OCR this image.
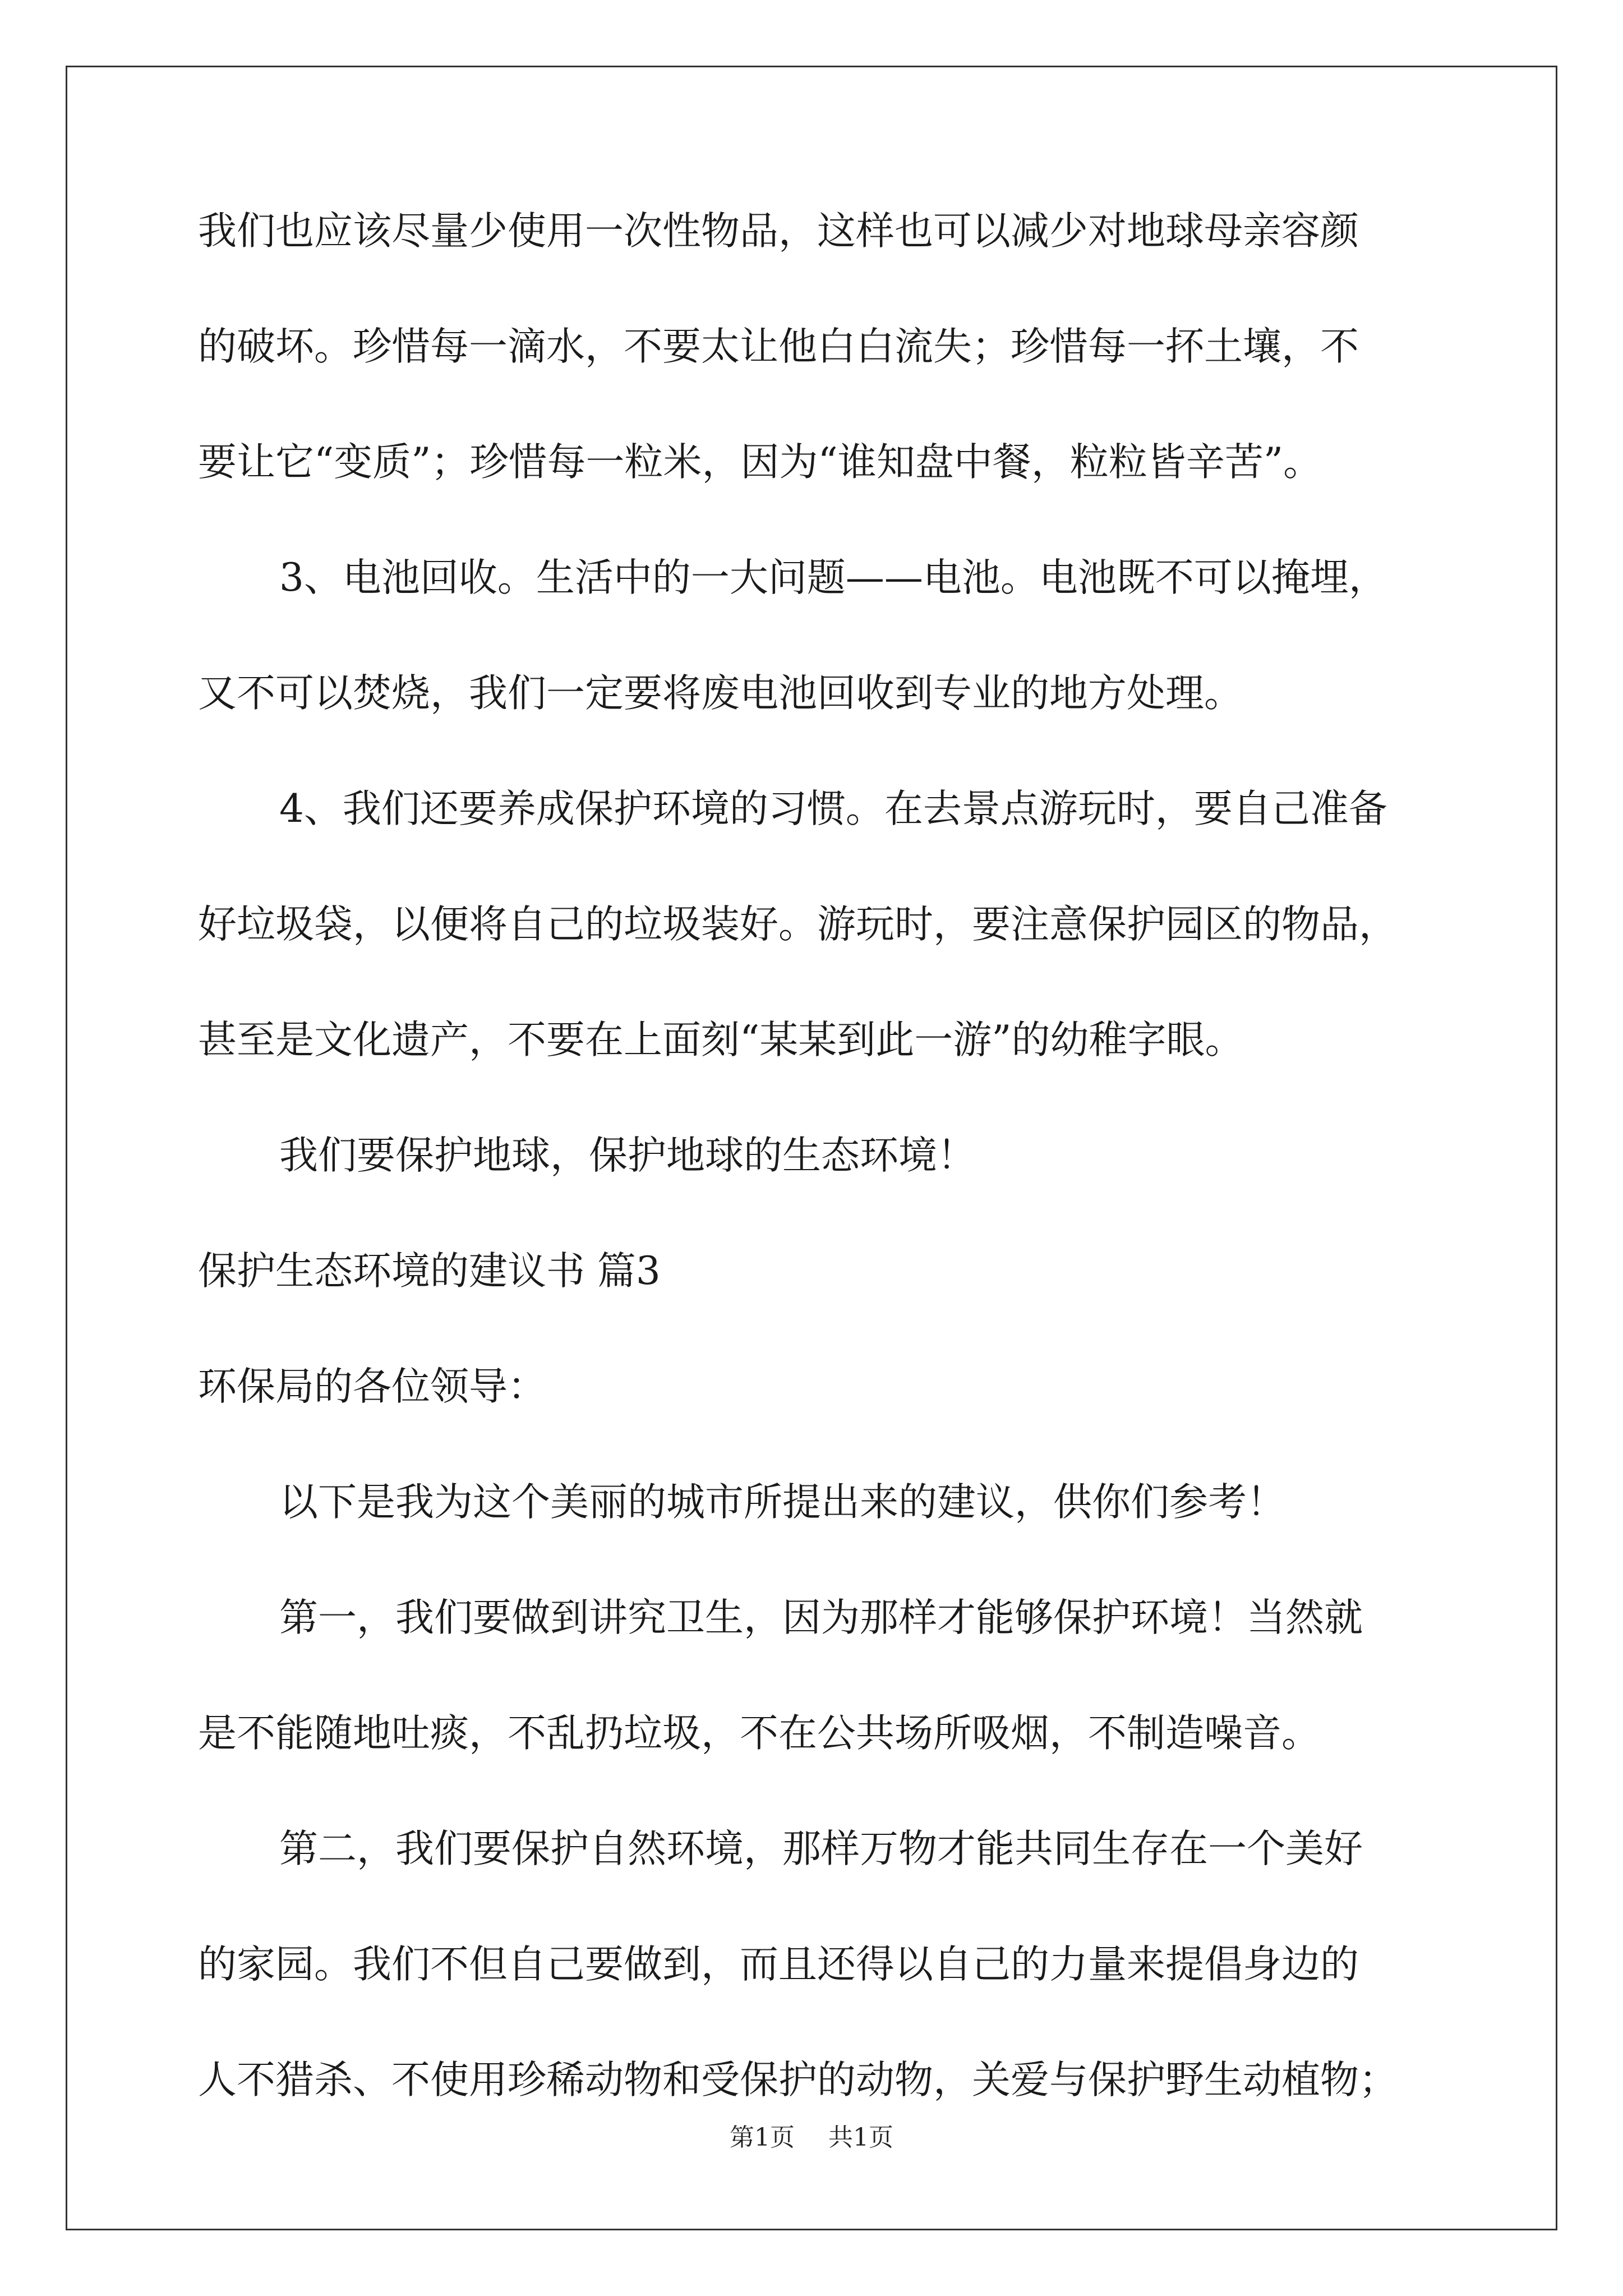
我们也应该尽量少使用一次性物品，这样也可以减少对地球母亲容颜

的破坏。珍惜每一滴水，不要太让他白白流失；珍惜每一抔土壤，不

要让它“变质”；珍惜每一粒米，因为“谁知盘中餐，粒粒皆辛苦”。

3、电池回收。生活中的一大问题——电池。电池既不可以掩埋，

又不可以焚烧，我们一定要将废电池回收到专业的地方处理。

4、我们还要养成保护环境的习惯。在去景点游玩时，要自己准备

好垃圾袋，以便将自己的垃圾装好。游玩时，要注意保护园区的物品，

甚至是文化遗产，不要在上面刻“某某到此一游”的幼稚字眼。

我们要保护地球，保护地球的生态环境！

保护生态环境的建议书 篇3

环保局的各位领导：

以下是我为这个美丽的城市所提出来的建议，供你们参考！

第一，我们要做到讲究卫生，因为那样才能够保护环境！当然就

是不能随地吐痰，不乱扔垃圾，不在公共场所吸烟，不制造噪音。

第二，我们要保护自然环境，那样万物才能共同生存在一个美好

的家园。我们不但自己要做到，而且还得以自己的力量来提倡身边的

人不猎杀、不使用珍稀动物和受保护的动物，关爱与保护野生动植物；

第1页 共1页
